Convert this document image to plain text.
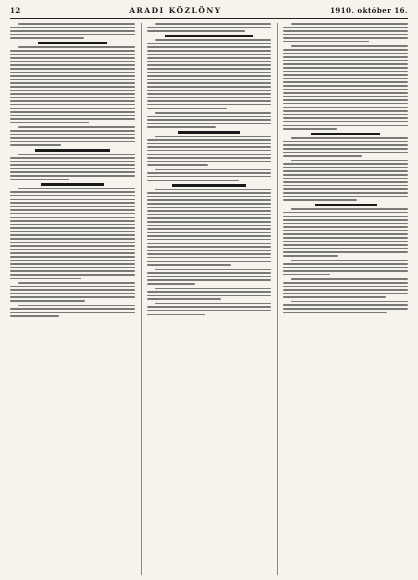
12	ARADI KÖZLÖNY	1910. október 16.
